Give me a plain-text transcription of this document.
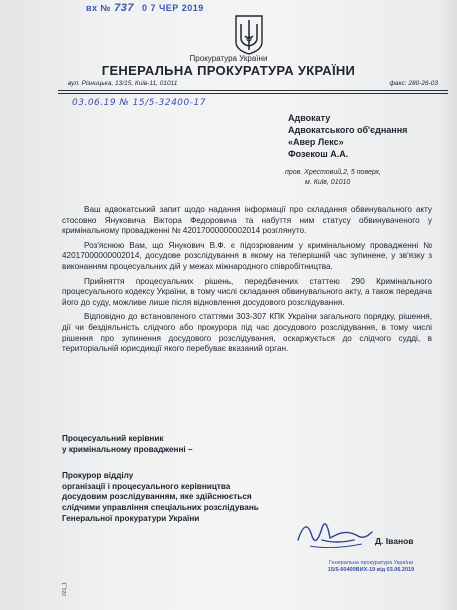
вх № 737 0 7 ЧЕР 2019
Прокуратура України
ГЕНЕРАЛЬНА ПРОКУРАТУРА УКРАЇНИ
вул. Різницька, 13/15, Київ-11, 01011	факс: 280-26-03
03.06.19 № 15/5-32400-17
Адвокату
Адвокатського об'єднання
«Авер Лекс»
Фозекош А.А.
пров. Хрестовий,2, 5 поверх,
м. Київ, 01010

Ваш адвокатський запит щодо надання інформації про складання обвинувального акту стосовно Януковича Віктора Федоровича та набуття ним статусу обвинуваченого у кримінальному провадженні № 42017000000002014 розглянуто.

Роз'яснюю Вам, що Янукович В.Ф. є підозрюваним у кримінальному провадженні № 42017000000002014, досудове розслідування в якому на теперішній час зупинене, у зв'язку з виконанням процесуальних дій у межах міжнародного співробітництва.

Прийняття процесуальних рішень, передбачених статтею 290 Кримінального процесуального кодексу України, в тому числі складання обвинувального акту, а також передача його до суду, можливе лише після відновлення досудового розслідування.

Відповідно до встановленого статтями 303-307 КПК України загального порядку, рішення, дії чи бездіяльність слідчого або прокурора під час досудового розслідування, в тому числі рішення про зупинення досудового розслідування, оскаржується до слідчого судді, в територіальній юрисдикції якого перебуває вказаний орган.

Процесуальний керівник
у кримінальному провадженні –
Прокурор відділу
організації і процесуального керівництва
досудовим розслідуванням, яке здійснюється
слідчими управління спеціальних розслідувань
Генеральної прокуратури України
Д. Іванов
Генеральна прокуратура України
15/5-60400ВИХ-19 від 03.06.2019
021_1
